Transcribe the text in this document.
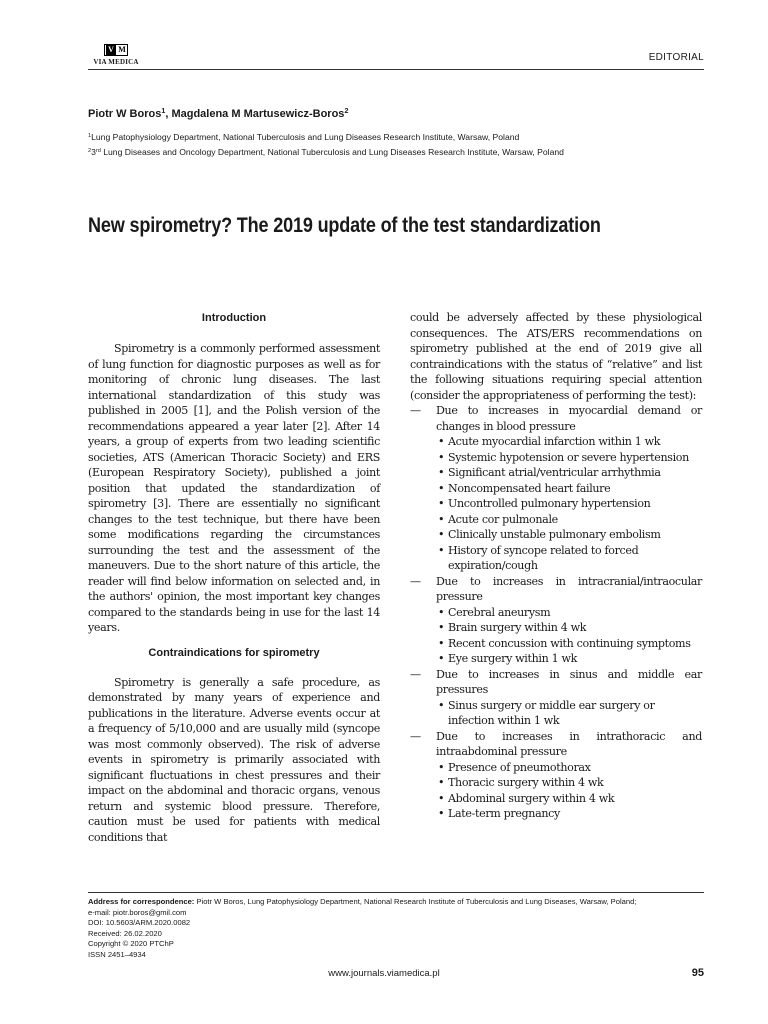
V M
VIA MEDICA	EDITORIAL
Piotr W Boros$^1$, Magdalena M Martusewicz-Boros$^2$
$^1$Lung Patophysiology Department, National Tuberculosis and Lung Diseases Research Institute, Warsaw, Poland
$^2$3rd Lung Diseases and Oncology Department, National Tuberculosis and Lung Diseases Research Institute, Warsaw, Poland
New spirometry? The 2019 update of the test standardization

Introduction

Spirometry is a commonly performed assessment of lung function for diagnostic purposes as well as for monitoring of chronic lung diseases. The last international standardization of this study was published in 2005 [1], and the Polish version of the recommendations appeared a year later [2]. After 14 years, a group of experts from two leading scientific societies, ATS (American Thoracic Society) and ERS (European Respiratory Society), published a joint position that updated the standardization of spirometry [3]. There are essentially no significant changes to the test technique, but there have been some modifications regarding the circumstances surrounding the test and the assessment of the maneuvers. Due to the short nature of this article, the reader will find below information on selected and, in the authors' opinion, the most important key changes compared to the standards being in use for the last 14 years.

Contraindications for spirometry

Spirometry is generally a safe procedure, as demonstrated by many years of experience and publications in the literature. Adverse events occur at a frequency of 5/10,000 and are usually mild (syncope was most commonly observed). The risk of adverse events in spirometry is primarily associated with significant fluctuations in chest pressures and their impact on the abdominal and thoracic organs, venous return and systemic blood pressure. Therefore, caution must be used for patients with medical conditions that

could be adversely affected by these physiological consequences. The ATS/ERS recommendations on spirometry published at the end of 2019 give all contraindications with the status of “relative” and list the following situations requiring special attention (consider the appropriateness of performing the test):

— Due to increases in myocardial demand or changes in blood pressure
• Acute myocardial infarction within 1 wk
• Systemic hypotension or severe hypertension
• Significant atrial/ventricular arrhythmia
• Noncompensated heart failure
• Uncontrolled pulmonary hypertension
• Acute cor pulmonale
• Clinically unstable pulmonary embolism
• History of syncope related to forced expiration/cough
— Due to increases in intracranial/intraocular pressure
• Cerebral aneurysm
• Brain surgery within 4 wk
• Recent concussion with continuing symptoms
• Eye surgery within 1 wk
— Due to increases in sinus and middle ear pressures
• Sinus surgery or middle ear surgery or infection within 1 wk
— Due to increases in intrathoracic and intraabdominal pressure
• Presence of pneumothorax
• Thoracic surgery within 4 wk
• Abdominal surgery within 4 wk
• Late-term pregnancy
Address for correspondence: Piotr W Boros, Lung Patophysiology Department, National Research Institute of Tuberculosis and Lung Diseases, Warsaw, Poland;
e-mail: piotr.boros@gmil.com
DOI: 10.5603/ARM.2020.0082
Received: 26.02.2020
Copyright © 2020 PTChP
ISSN 2451–4934
www.journals.viamedica.pl	95
